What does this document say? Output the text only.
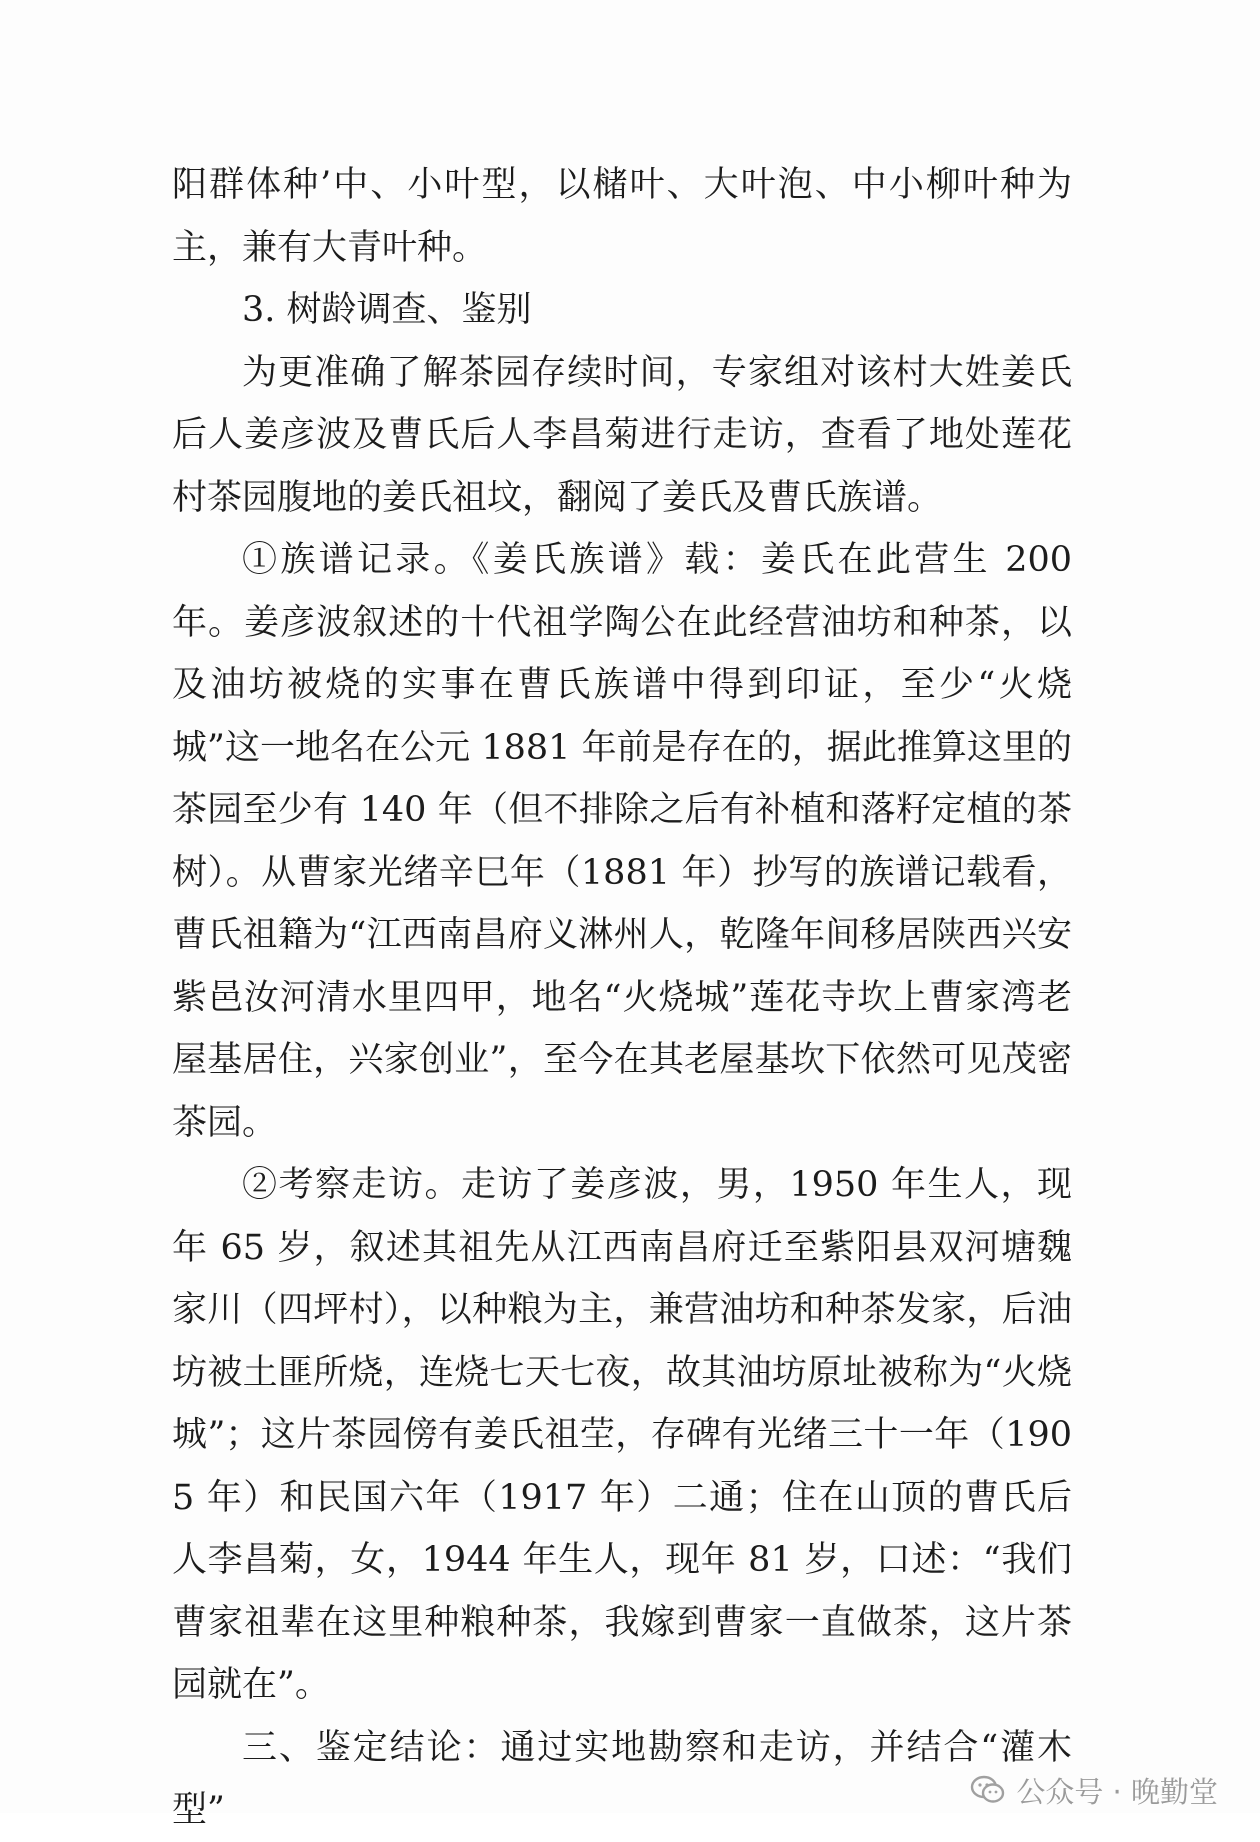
阳群体种’中、小叶型，以槠叶、大叶泡、中小柳叶种为主，兼有大青叶种。

3. 树龄调查、鉴别

为更准确了解茶园存续时间，专家组对该村大姓姜氏后人姜彦波及曹氏后人李昌菊进行走访，查看了地处莲花村茶园腹地的姜氏祖坟，翻阅了姜氏及曹氏族谱。

①族谱记录。《姜氏族谱》载：姜氏在此营生 200 年。姜彦波叙述的十代祖学陶公在此经营油坊和种茶，以及油坊被烧的实事在曹氏族谱中得到印证，至少“火烧城”这一地名在公元 1881 年前是存在的，据此推算这里的茶园至少有 140 年（但不排除之后有补植和落籽定植的茶树）。从曹家光绪辛巳年（1881 年）抄写的族谱记载看，曹氏祖籍为“江西南昌府义淋州人，乾隆年间移居陕西兴安紫邑汝河清水里四甲，地名“火烧城”莲花寺坎上曹家湾老屋基居住，兴家创业”，至今在其老屋基坎下依然可见茂密茶园。

②考察走访。走访了姜彦波，男，1950 年生人，现年 65 岁，叙述其祖先从江西南昌府迁至紫阳县双河塘魏家川（四坪村），以种粮为主，兼营油坊和种茶发家，后油坊被土匪所烧，连烧七天七夜，故其油坊原址被称为“火烧城”；这片茶园傍有姜氏祖茔，存碑有光绪三十一年（1905 年）和民国六年（1917 年）二通；住在山顶的曹氏后人李昌菊，女，1944 年生人，现年 81 岁，口述：“我们曹家祖辈在这里种粮种茶，我嫁到曹家一直做茶，这片茶园就在”。

三、鉴定结论：通过实地勘察和走访，并结合“灌木型”	公众号 · 晚勤堂
